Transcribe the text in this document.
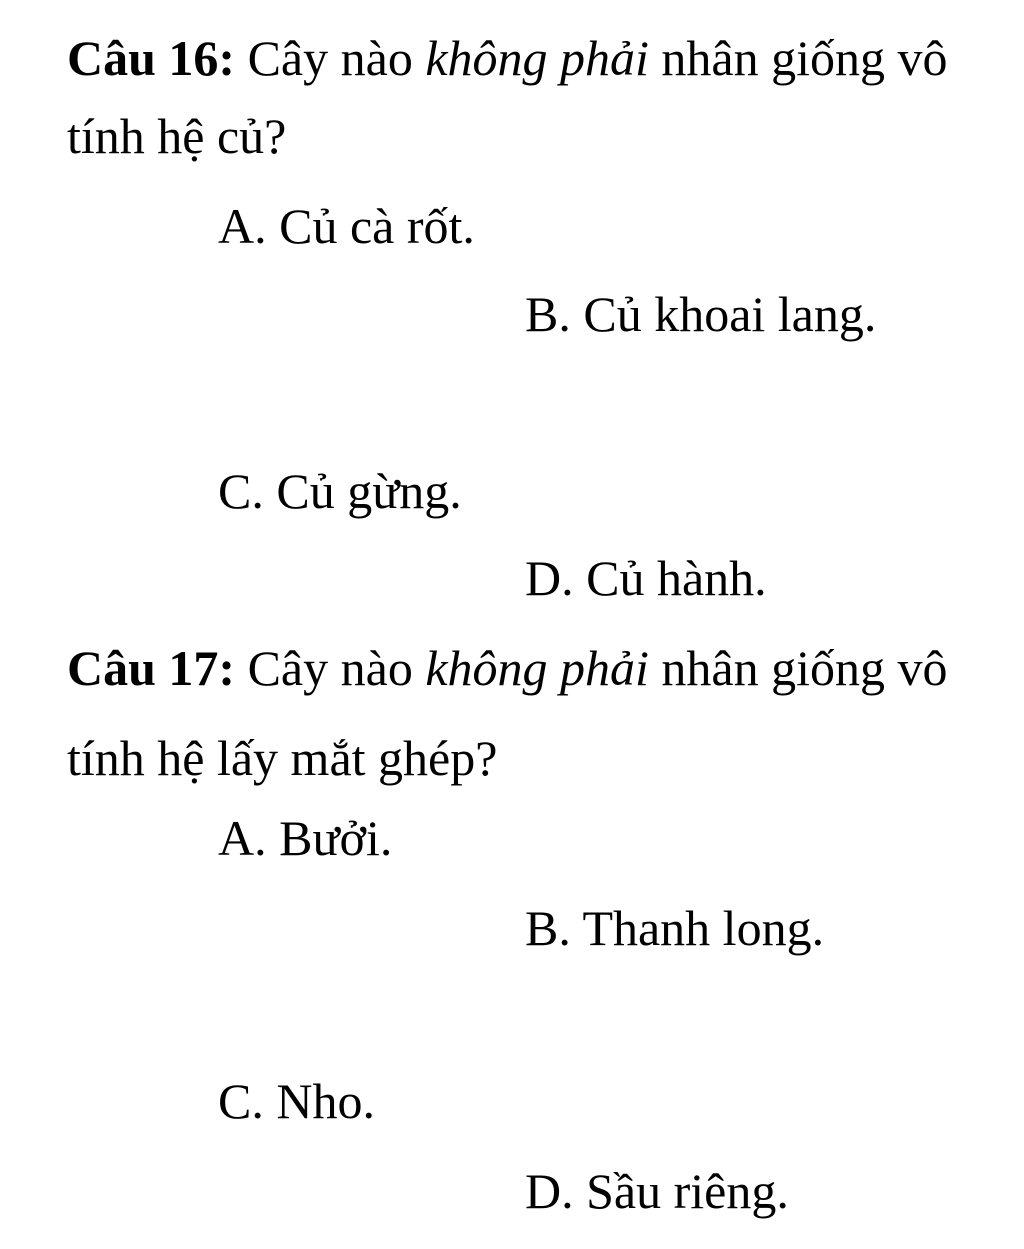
Câu 16: Cây nào không phải nhân giống vô
tính hệ củ?
A. Củ cà rốt.
B. Củ khoai lang.
C. Củ gừng.
D. Củ hành.
Câu 17: Cây nào không phải nhân giống vô
tính hệ lấy mắt ghép?
A. Bưởi.
B. Thanh long.
C. Nho.
D. Sầu riêng.
